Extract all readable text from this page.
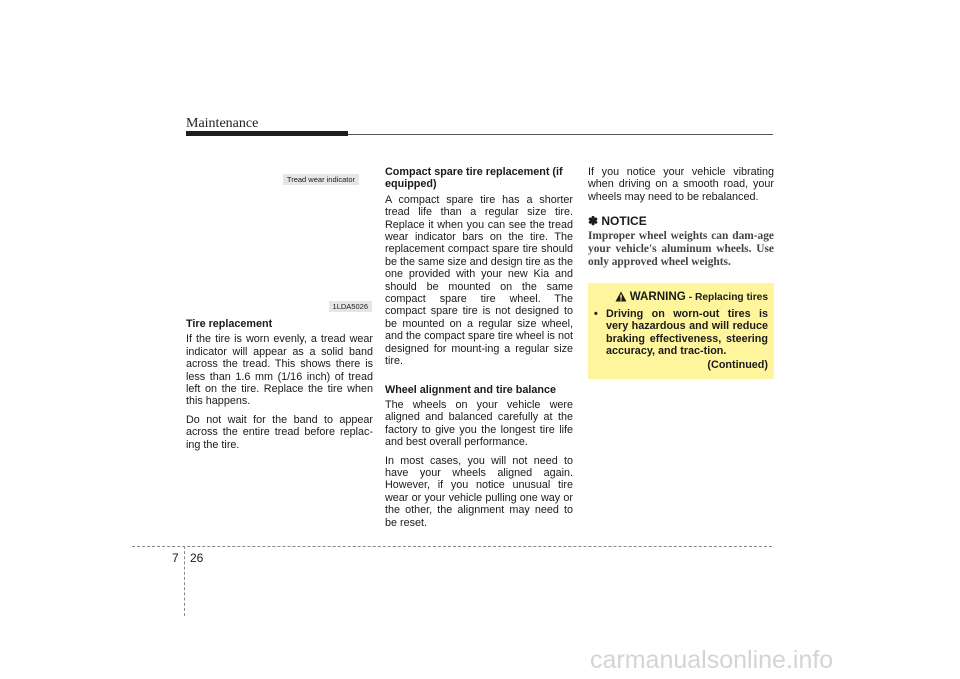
Maintenance
Tread wear indicator
1LDA5026
Tire replacement

If the tire is worn evenly, a tread wear indicator will appear as a solid band across the tread. This shows there is less than 1.6 mm (1/16 inch) of tread left on the tire. Replace the tire when this happens.

Do not wait for the band to appear across the entire tread before replac-ing the tire.

Compact spare tire replacement (if equipped)

A compact spare tire has a shorter tread life than a regular size tire. Replace it when you can see the tread wear indicator bars on the tire. The replacement compact spare tire should be the same size and design tire as the one provided with your new Kia and should be mounted on the same compact spare tire wheel. The compact spare tire is not designed to be mounted on a regular size wheel, and the compact spare tire wheel is not designed for mount-ing a regular size tire.

Wheel alignment and tire balance

The wheels on your vehicle were aligned and balanced carefully at the factory to give you the longest tire life and best overall performance.

In most cases, you will not need to have your wheels aligned again. However, if you notice unusual tire wear or your vehicle pulling one way or the other, the alignment may need to be reset.

If you notice your vehicle vibrating when driving on a smooth road, your wheels may need to be rebalanced.

✽ NOTICE

Improper wheel weights can dam-age your vehicle's aluminum wheels. Use only approved wheel weights.

WARNING - Replacing tires
• Driving on worn-out tires is very hazardous and will reduce braking effectiveness, steering accuracy, and trac-tion.
(Continued)
7 26
carmanualsonline.info
